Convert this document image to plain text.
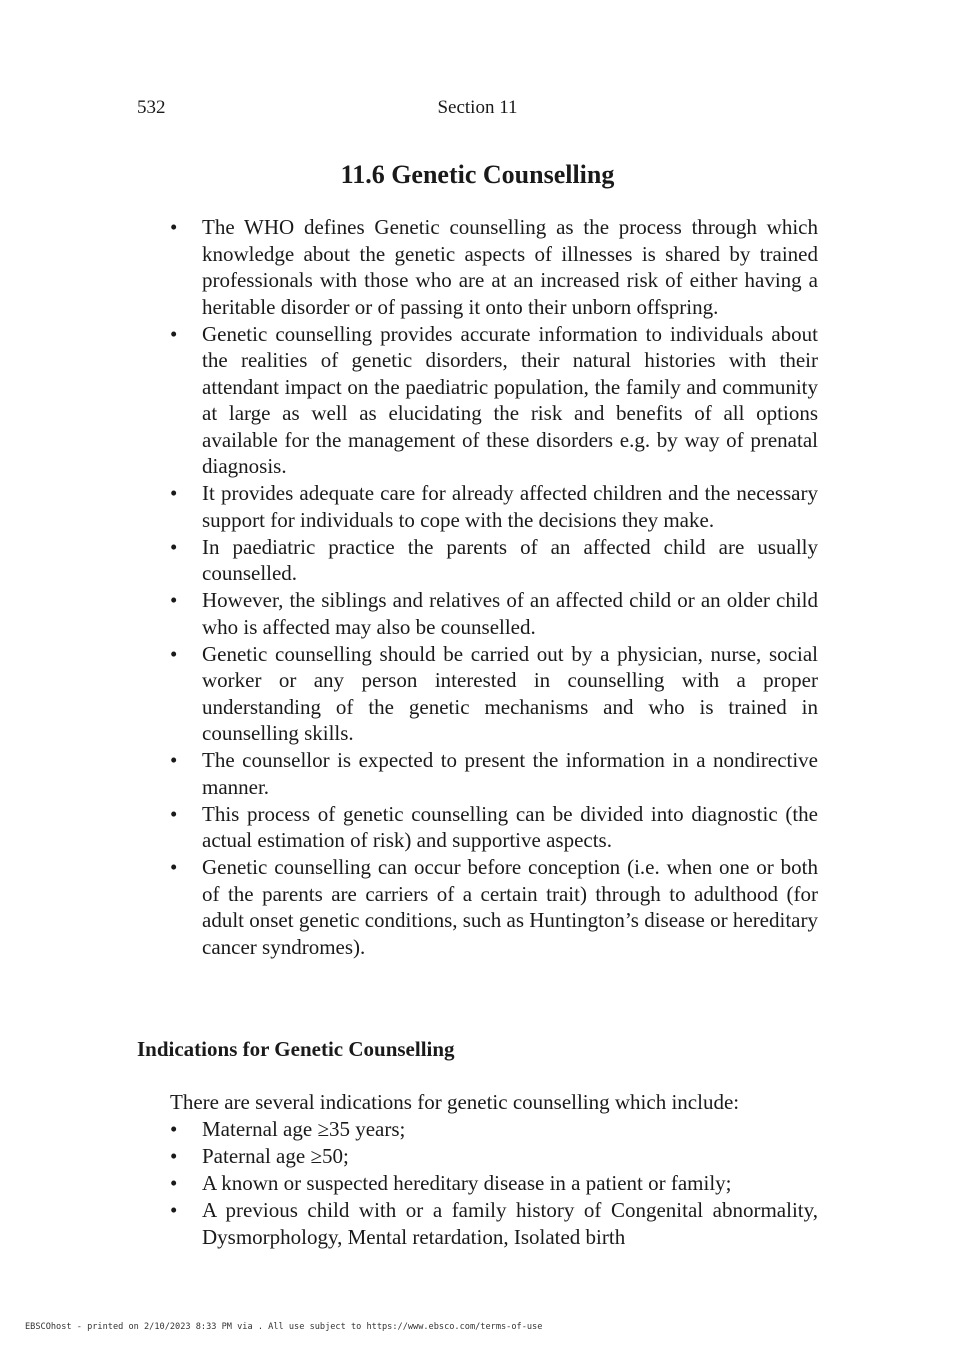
532	Section 11
11.6 Genetic Counselling
• The WHO defines Genetic counselling as the process through which knowledge about the genetic aspects of illnesses is shared by trained professionals with those who are at an increased risk of either having a heritable disorder or of passing it onto their unborn offspring.
• Genetic counselling provides accurate information to individuals about the realities of genetic disorders, their natural histories with their attendant impact on the paediatric population, the family and community at large as well as elucidating the risk and benefits of all options available for the management of these disorders e.g. by way of prenatal diagnosis.
• It provides adequate care for already affected children and the necessary support for individuals to cope with the decisions they make.
• In paediatric practice the parents of an affected child are usually counselled.
• However, the siblings and relatives of an affected child or an older child who is affected may also be counselled.
• Genetic counselling should be carried out by a physician, nurse, social worker or any person interested in counselling with a proper understanding of the genetic mechanisms and who is trained in counselling skills.
• The counsellor is expected to present the information in a nondirective manner.
• This process of genetic counselling can be divided into diagnostic (the actual estimation of risk) and supportive aspects.
• Genetic counselling can occur before conception (i.e. when one or both of the parents are carriers of a certain trait) through to adulthood (for adult onset genetic conditions, such as Huntington’s disease or hereditary cancer syndromes).
Indications for Genetic Counselling

There are several indications for genetic counselling which include:

• Maternal age ≥35 years;
• Paternal age ≥50;
• A known or suspected hereditary disease in a patient or family;
• A previous child with or a family history of Congenital abnormality, Dysmorphology, Mental retardation, Isolated birth
EBSCOhost - printed on 2/10/2023 8:33 PM via . All use subject to https://www.ebsco.com/terms-of-use
